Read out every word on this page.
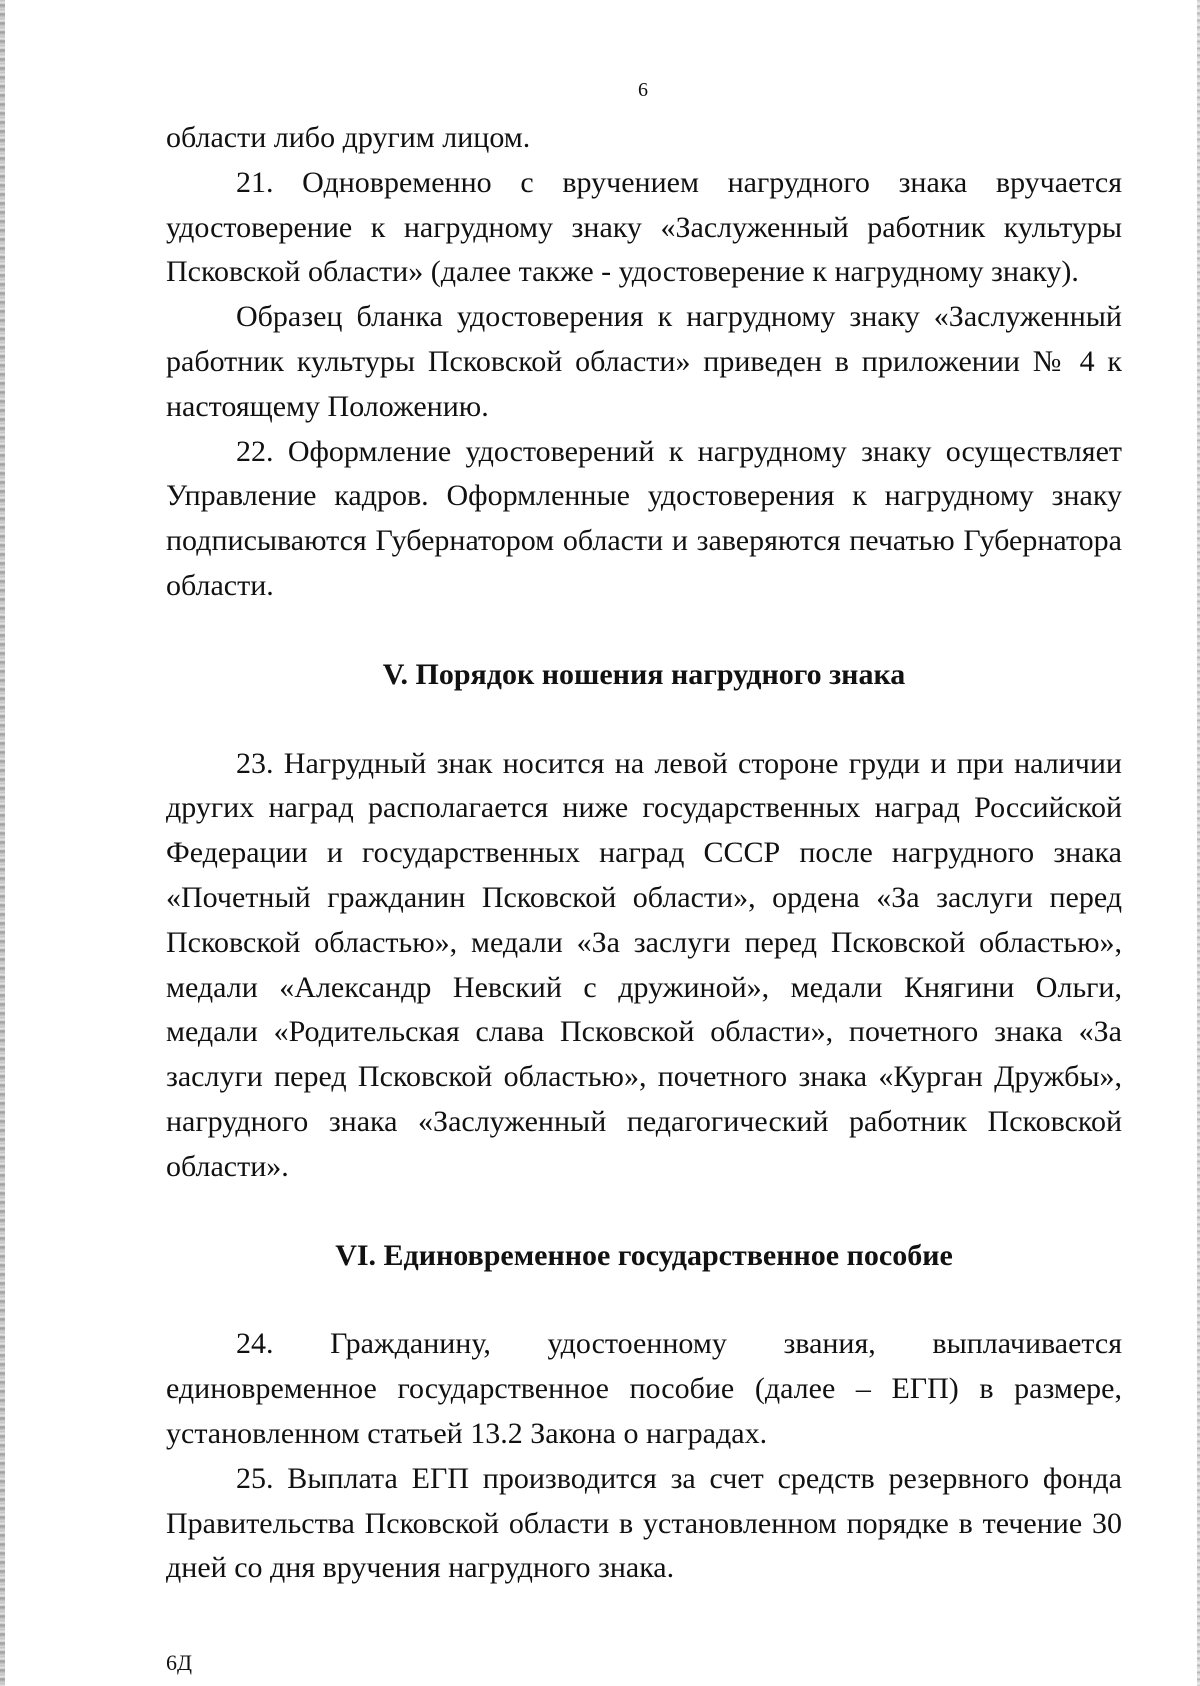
6

области либо другим лицом.

21. Одновременно с вручением нагрудного знака вручается удостоверение к нагрудному знаку «Заслуженный работник культуры Псковской области» (далее также - удостоверение к нагрудному знаку).

Образец бланка удостоверения к нагрудному знаку «Заслуженный работник культуры Псковской области» приведен в приложении № 4 к настоящему Положению.

22. Оформление удостоверений к нагрудному знаку осуществляет Управление кадров. Оформленные удостоверения к нагрудному знаку подписываются Губернатором области и заверяются печатью Губернатора области.

V. Порядок ношения нагрудного знака

23. Нагрудный знак носится на левой стороне груди и при наличии других наград располагается ниже государственных наград Российской Федерации и государственных наград СССР после нагрудного знака «Почетный гражданин Псковской области», ордена «За заслуги перед Псковской областью», медали «За заслуги перед Псковской областью», медали «Александр Невский с дружиной», медали Княгини Ольги, медали «Родительская слава Псковской области», почетного знака «За заслуги перед Псковской областью», почетного знака «Курган Дружбы», нагрудного знака «Заслуженный педагогический работник Псковской области».

VI. Единовременное государственное пособие

24. Гражданину, удостоенному звания, выплачивается единовременное государственное пособие (далее – ЕГП) в размере, установленном статьей 13.2 Закона о наградах.

25. Выплата ЕГП производится за счет средств резервного фонда Правительства Псковской области в установленном порядке в течение 30 дней со дня вручения нагрудного знака.

6Д
